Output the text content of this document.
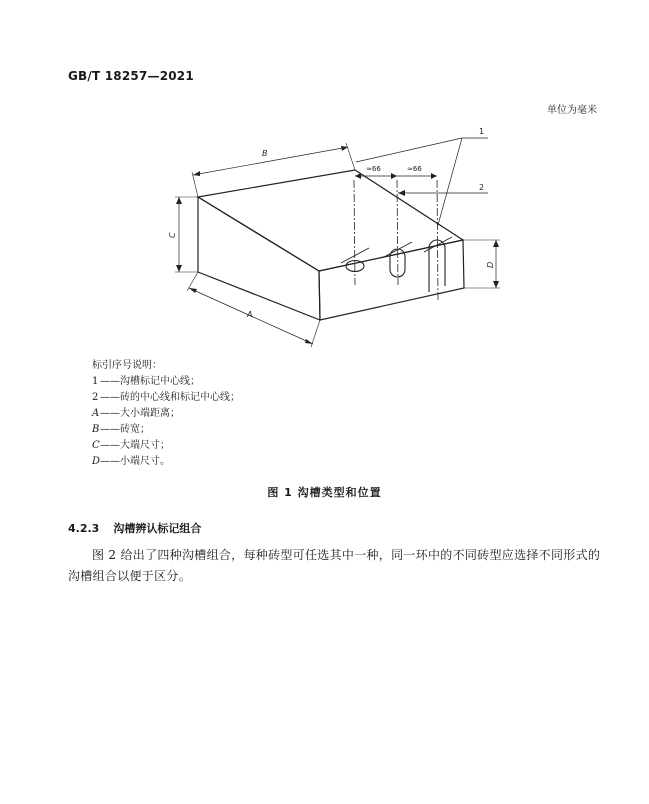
GB/T 18257—2021
单位为毫米
B
C
D
A
≈66	≈66
1
2
标引序号说明：
1 ——沟槽标记中心线；
2 ——砖的中心线和标记中心线；
A——大小端距离；
B——砖宽；
C——大端尺寸；
D——小端尺寸。
图 1 沟槽类型和位置
4.2.3 沟槽辨认标记组合
图 2 给出了四种沟槽组合，每种砖型可任选其中一种，同一环中的不同砖型应选择不同形式的沟槽组合以便于区分。
